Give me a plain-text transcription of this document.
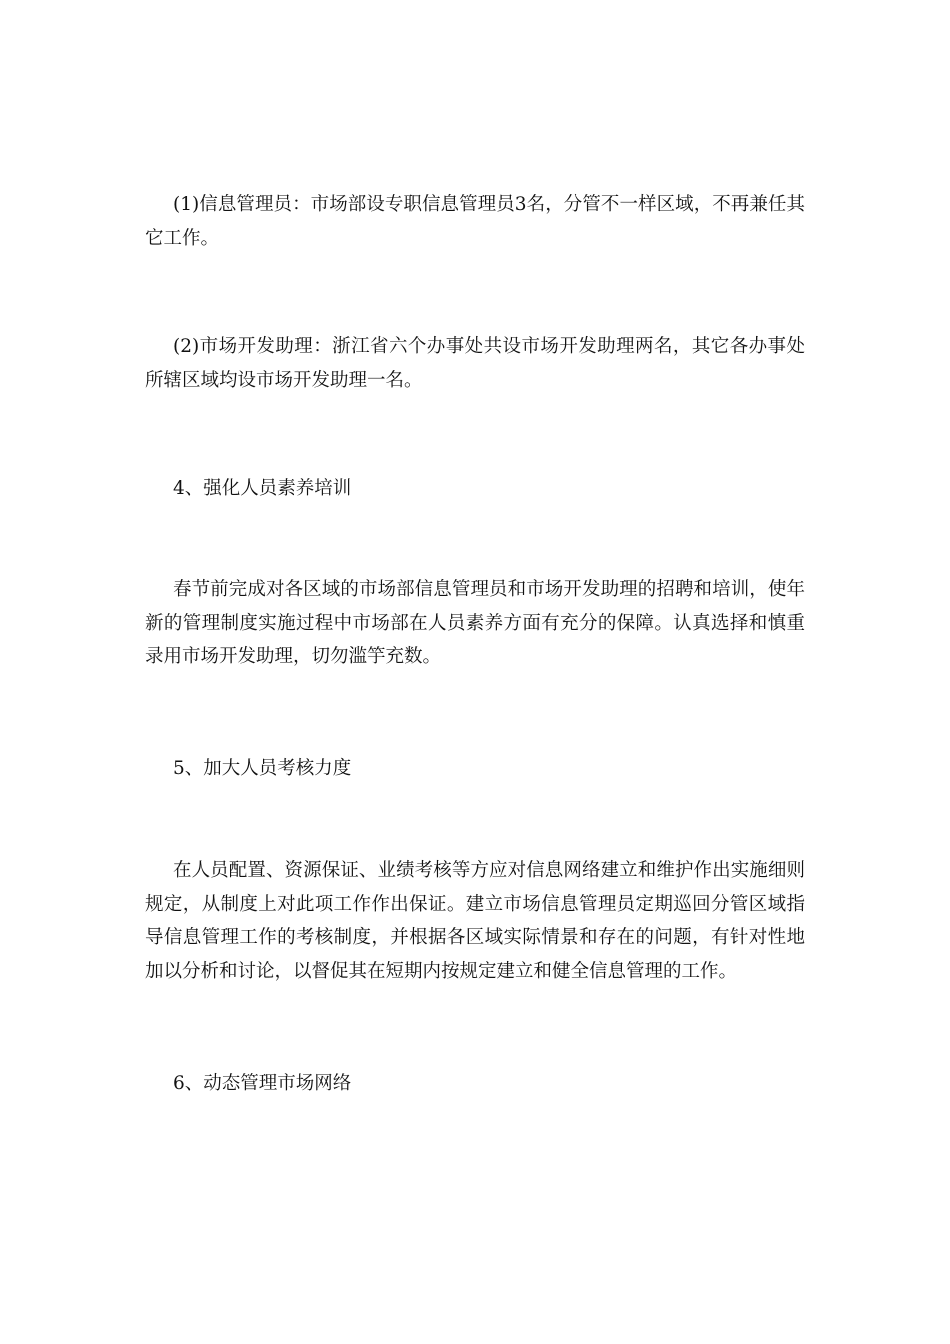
(1)信息管理员：市场部设专职信息管理员3名，分管不一样区域，不再兼任其它工作。

(2)市场开发助理：浙江省六个办事处共设市场开发助理两名，其它各办事处所辖区域均设市场开发助理一名。

4、强化人员素养培训

春节前完成对各区域的市场部信息管理员和市场开发助理的招聘和培训，使年新的管理制度实施过程中市场部在人员素养方面有充分的保障。认真选择和慎重录用市场开发助理，切勿滥竽充数。

5、加大人员考核力度

在人员配置、资源保证、业绩考核等方应对信息网络建立和维护作出实施细则规定，从制度上对此项工作作出保证。建立市场信息管理员定期巡回分管区域指导信息管理工作的考核制度，并根据各区域实际情景和存在的问题，有针对性地加以分析和讨论，以督促其在短期内按规定建立和健全信息管理的工作。

6、动态管理市场网络
